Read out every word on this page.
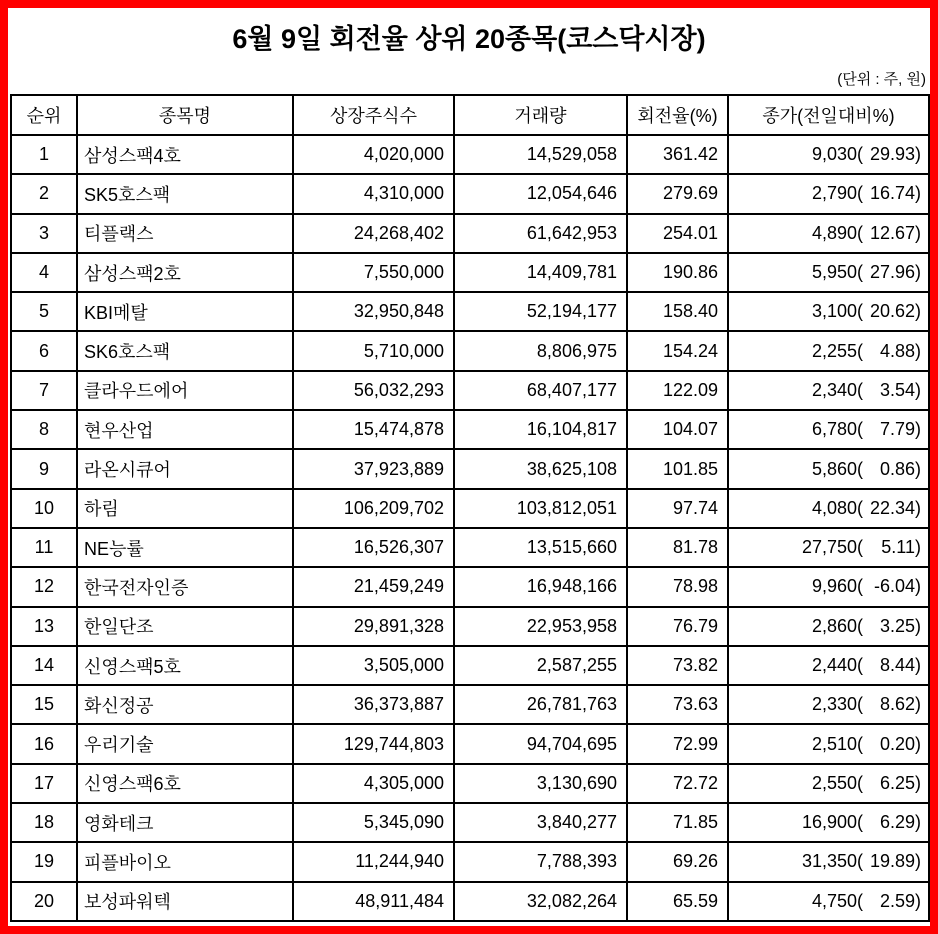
6월 9일 회전율 상위 20종목(코스닥시장)
(단위 : 주, 원)
순위	종목명	상장주식수	거래량	회전율(%)	종가(전일대비%)
1	삼성스팩4호	4,020,000	14,529,058	361.42	9,030 ( 29.93 )

2	SK5호스팩	4,310,000	12,054,646	279.69	2,790 ( 16.74 )

3	티플랙스	24,268,402	61,642,953	254.01	4,890 ( 12.67 )

4	삼성스팩2호	7,550,000	14,409,781	190.86	5,950 ( 27.96 )

5	KBI메탈	32,950,848	52,194,177	158.40	3,100 ( 20.62 )

6	SK6호스팩	5,710,000	8,806,975	154.24	2,255 ( 4.88 )

7	클라우드에어	56,032,293	68,407,177	122.09	2,340 ( 3.54 )

8	현우산업	15,474,878	16,104,817	104.07	6,780 ( 7.79 )

9	라온시큐어	37,923,889	38,625,108	101.85	5,860 ( 0.86 )

10	하림	106,209,702	103,812,051	97.74	4,080 ( 22.34 )

11	NE능률	16,526,307	13,515,660	81.78	27,750 ( 5.11 )

12	한국전자인증	21,459,249	16,948,166	78.98	9,960 ( -6.04 )

13	한일단조	29,891,328	22,953,958	76.79	2,860 ( 3.25 )

14	신영스팩5호	3,505,000	2,587,255	73.82	2,440 ( 8.44 )

15	화신정공	36,373,887	26,781,763	73.63	2,330 ( 8.62 )

16	우리기술	129,744,803	94,704,695	72.99	2,510 ( 0.20 )

17	신영스팩6호	4,305,000	3,130,690	72.72	2,550 ( 6.25 )

18	영화테크	5,345,090	3,840,277	71.85	16,900 ( 6.29 )

19	피플바이오	11,244,940	7,788,393	69.26	31,350 ( 19.89 )

20	보성파워텍	48,911,484	32,082,264	65.59	4,750 ( 2.59 )
